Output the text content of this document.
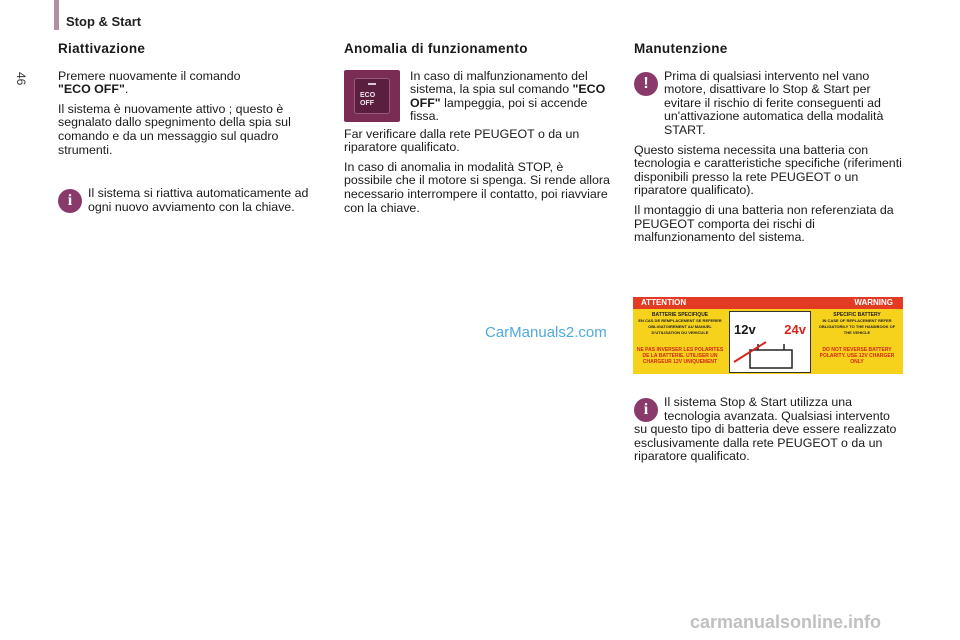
Stop & Start
46
Riattivazione

Premere nuovamente il comando
"ECO OFF".

Il sistema è nuovamente attivo ; questo è segnalato dallo spegnimento della spia sul comando e da un messaggio sul quadro strumenti.

i	Il sistema si riattiva automaticamente ad ogni nuovo avviamento con la chiave.
Anomalia di funzionamento
ECO OFF
In caso di malfunzionamento del sistema, la spia sul comando "ECO OFF" lampeggia, poi si accende fissa.

Far verificare dalla rete PEUGEOT o da un riparatore qualificato.

In caso di anomalia in modalità STOP, è possibile che il motore si spenga. Si rende allora necessario interrompere il contatto, poi riavviare con la chiave.

Manutenzione
!	Prima di qualsiasi intervento nel vano motore, disattivare lo Stop & Start per evitare il rischio di ferite conseguenti ad un'attivazione automatica della modalità START.

Questo sistema necessita una batteria con tecnologia e caratteristiche specifiche (riferimenti disponibili presso la rete PEUGEOT o un riparatore qualificato).

Il montaggio di una batteria non referenziata da PEUGEOT comporta dei rischi di malfunzionamento del sistema.

ATTENTION	WARNING
BATTERIE SPECIFIQUE
EN CAS DE REMPLACEMENT SE REFERER OBLIGATOIREMENT AU MANUEL D'UTILISATION DU VEHICULE
NE PAS INVERSER LES POLARITES DE LA BATTERIE. UTILISER UN CHARGEUR 12V UNIQUEMENT
12v 24v
SPECIFIC BATTERY
IN CASE OF REPLACEMENT REFER OBLIGATORILY TO THE HANDBOOK OF THE VEHICLE
DO NOT REVERSE BATTERY POLARITY. USE 12V CHARGER ONLY
i	Il sistema Stop & Start utilizza una tecnologia avanzata. Qualsiasi intervento su questo tipo di batteria deve essere realizzato esclusivamente dalla rete PEUGEOT o da un riparatore qualificato.
CarManuals2.com
carmanualsonline.info
